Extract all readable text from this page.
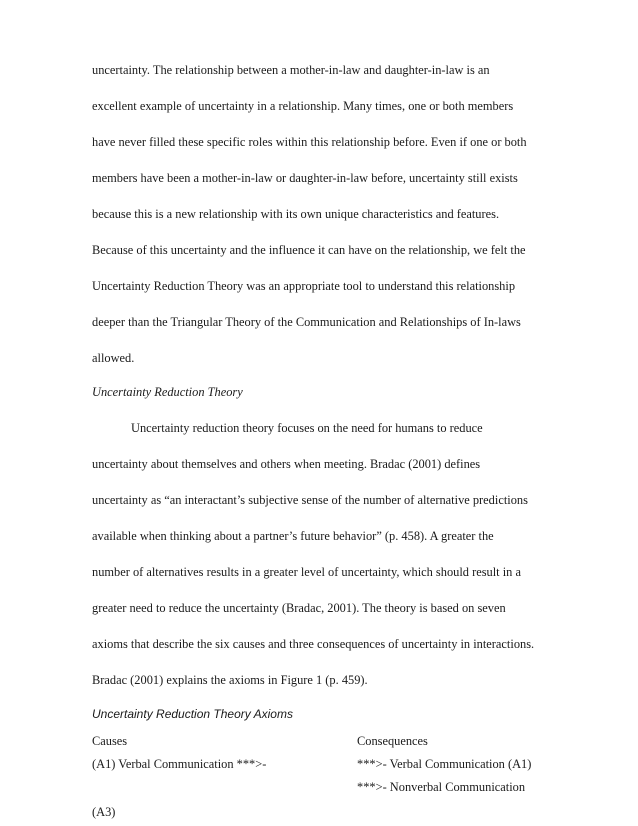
uncertainty. The relationship between a mother-in-law and daughter-in-law is an
excellent example of uncertainty in a relationship. Many times, one or both members
have never filled these specific roles within this relationship before. Even if one or both
members have been a mother-in-law or daughter-in-law before, uncertainty still exists
because this is a new relationship with its own unique characteristics and features.
Because of this uncertainty and the influence it can have on the relationship, we felt the
Uncertainty Reduction Theory was an appropriate tool to understand this relationship
deeper than the Triangular Theory of the Communication and Relationships of In-laws
allowed.
Uncertainty Reduction Theory
Uncertainty reduction theory focuses on the need for humans to reduce
uncertainty about themselves and others when meeting. Bradac (2001) defines
uncertainty as “an interactant’s subjective sense of the number of alternative predictions
available when thinking about a partner’s future behavior” (p. 458). A greater the
number of alternatives results in a greater level of uncertainty, which should result in a
greater need to reduce the uncertainty (Bradac, 2001). The theory is based on seven
axioms that describe the six causes and three consequences of uncertainty in interactions.
Bradac (2001) explains the axioms in Figure 1 (p. 459).
Uncertainty Reduction Theory Axioms
Causes	Consequences
(A1) Verbal Communication ***>-	***>- Verbal Communication (A1)
***>- Nonverbal Communication
(A3)
